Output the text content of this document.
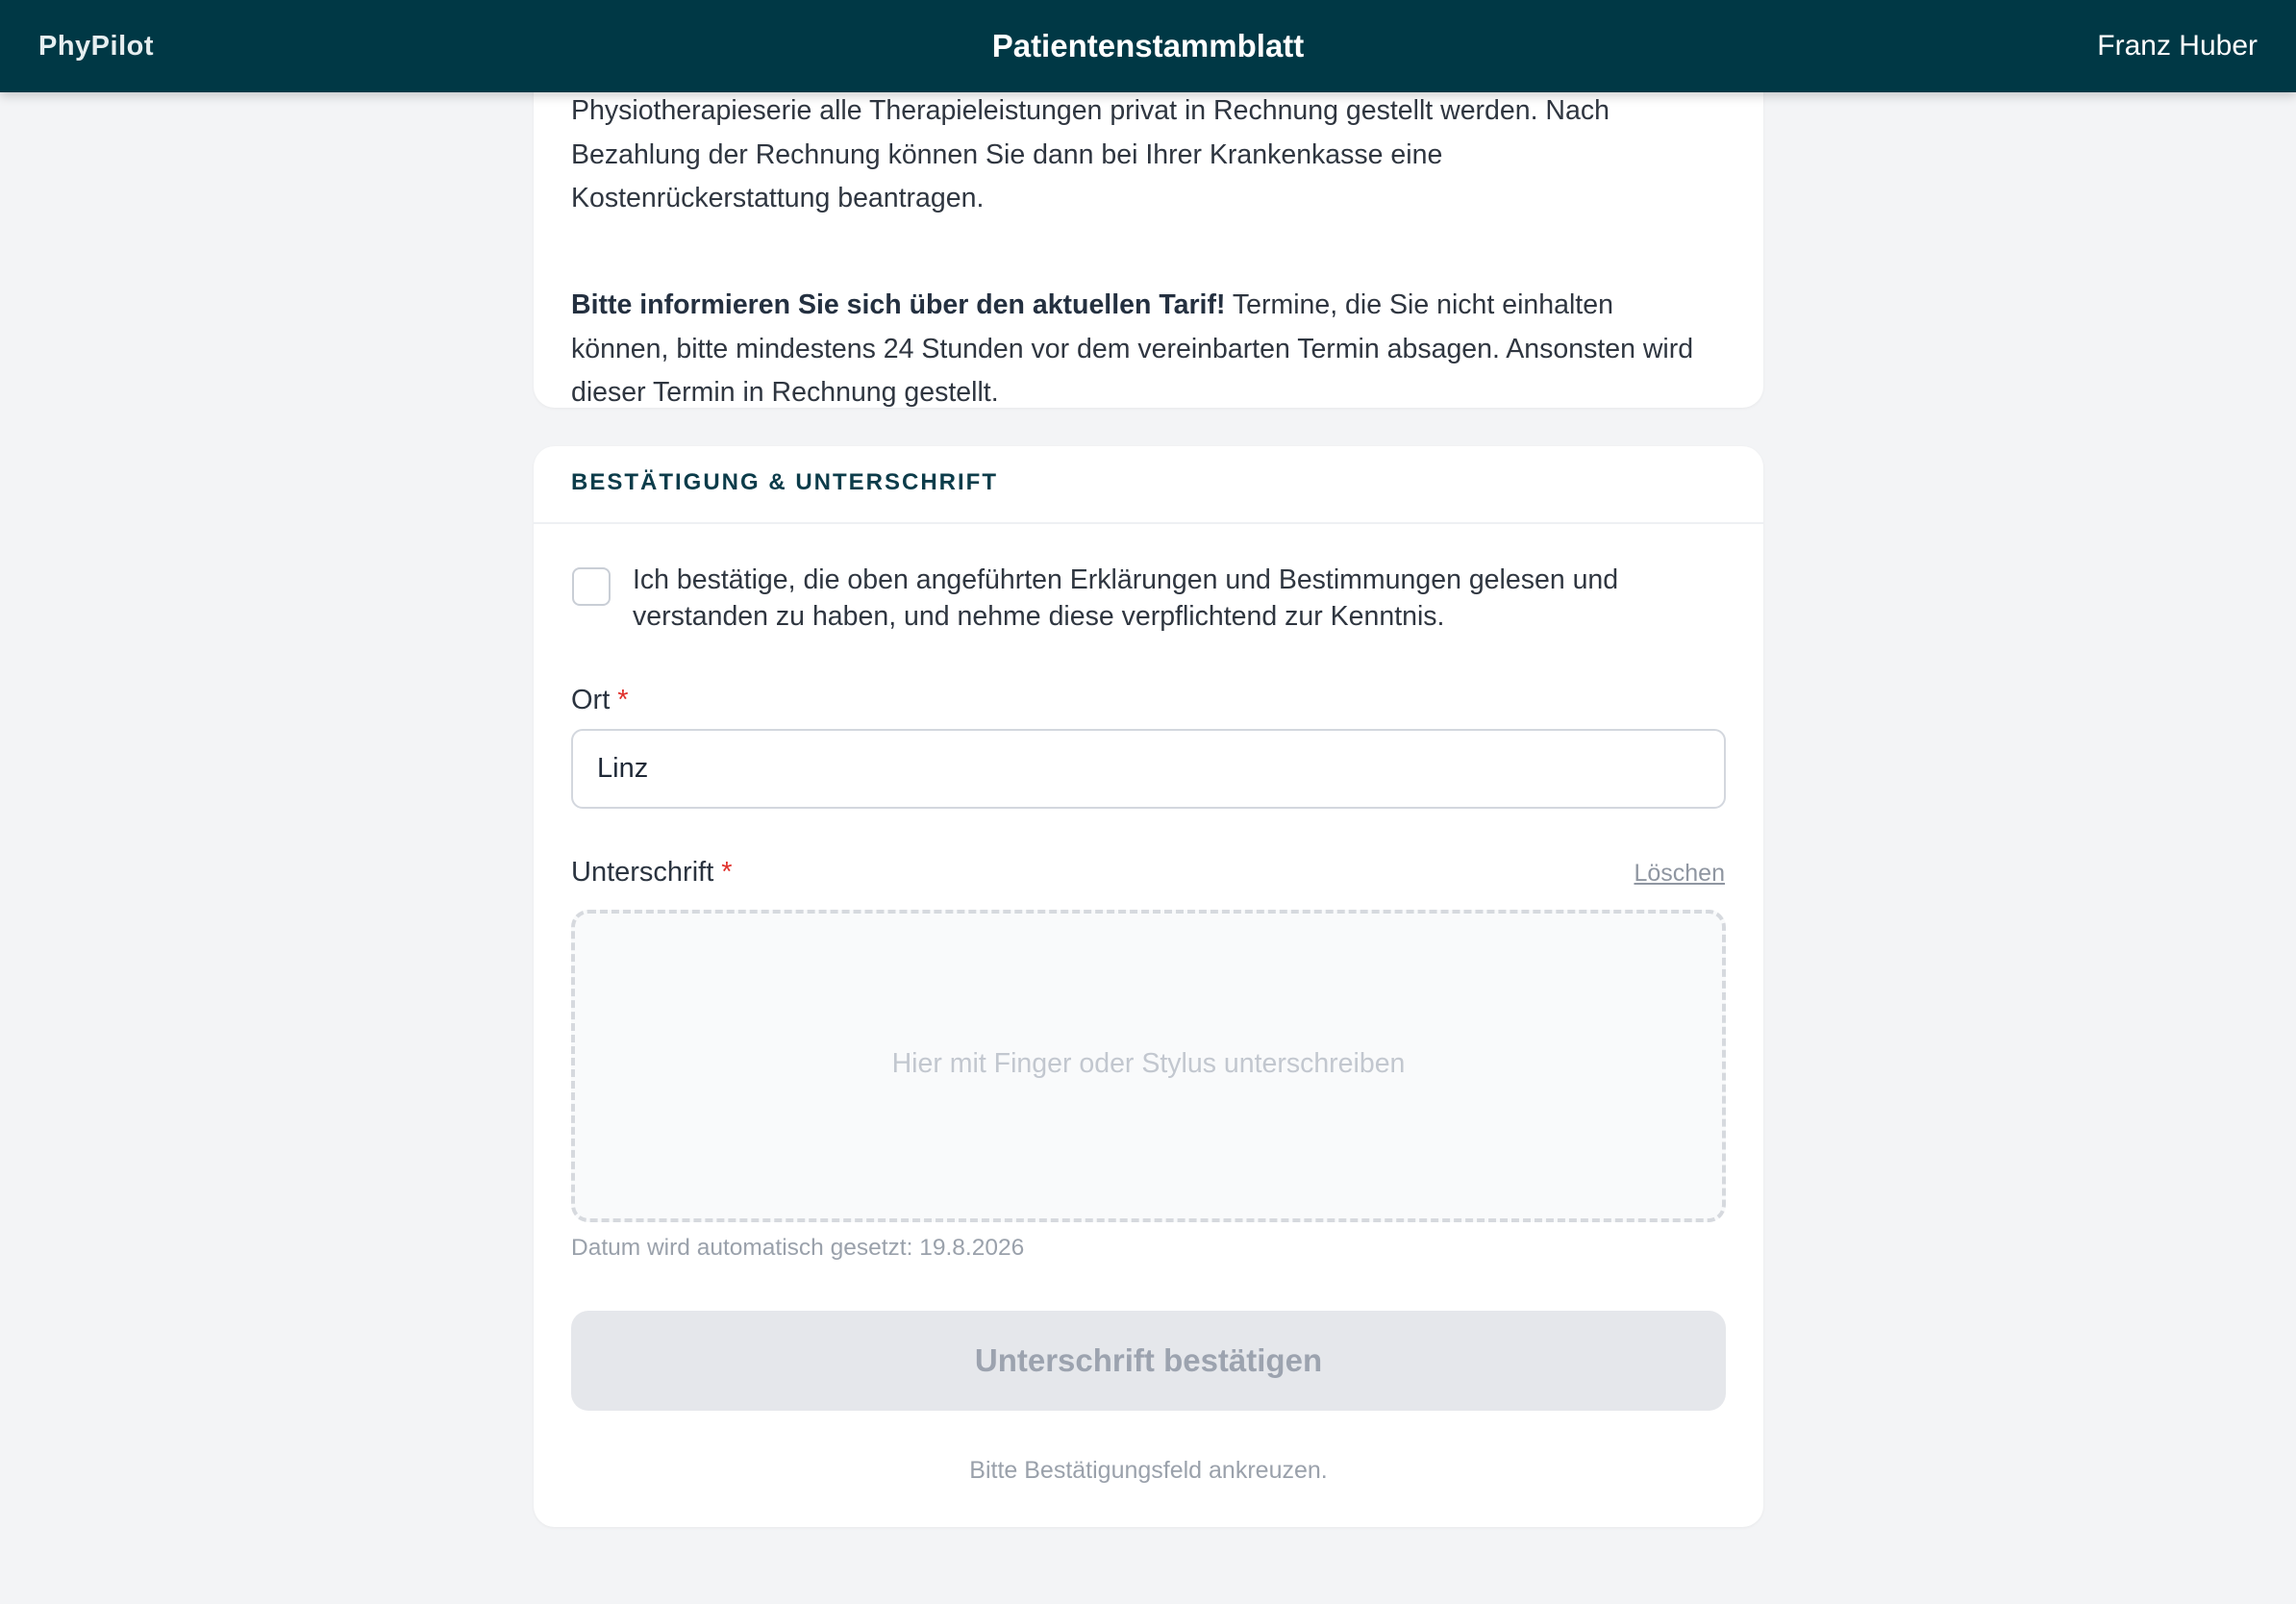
PhyPilot	Patientenstammblatt	Franz Huber

Physiotherapieserie alle Therapieleistungen privat in Rechnung gestellt werden. Nach Bezahlung der Rechnung können Sie dann bei Ihrer Krankenkasse eine Kostenrückerstattung beantragen.

Bitte informieren Sie sich über den aktuellen Tarif! Termine, die Sie nicht einhalten können, bitte mindestens 24 Stunden vor dem vereinbarten Termin absagen. Ansonsten wird dieser Termin in Rechnung gestellt.

BESTÄTIGUNG & UNTERSCHRIFT
Ich bestätige, die oben angeführten Erklärungen und Bestimmungen gelesen und verstanden zu haben, und nehme diese verpflichtend zur Kenntnis.
Ort *
Linz
Unterschrift *	Löschen
Hier mit Finger oder Stylus unterschreiben
Datum wird automatisch gesetzt: 19.8.2026
Unterschrift bestätigen
Bitte Bestätigungsfeld ankreuzen.
